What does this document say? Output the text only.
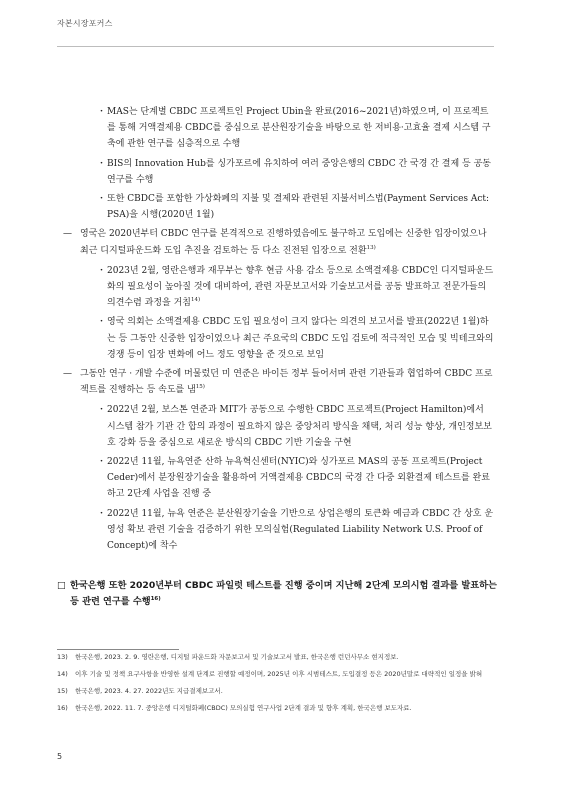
자본시장포커스

・ MAS는 단계별 CBDC 프로젝트인 Project Ubin을 완료(2016~2021년)하였으며, 이 프로젝트를 통해 거액결제용 CBDC를 중심으로 분산원장기술을 바탕으로 한 저비용·고효율 결제 시스템 구축에 관한 연구를 심층적으로 수행

・ BIS의 Innovation Hub를 싱가포르에 유치하여 여러 중앙은행의 CBDC 간 국경 간 결제 등 공동 연구를 수행

・ 또한 CBDC를 포함한 가상화폐의 지불 및 결제와 관련된 지불서비스법(Payment Services Act: PSA)을 시행(2020년 1월)

— 영국은 2020년부터 CBDC 연구를 본격적으로 진행하였음에도 불구하고 도입에는 신중한 입장이었으나 최근 디지털파운드화 도입 추진을 검토하는 등 다소 진전된 입장으로 전환$^{13)}$

・ 2023년 2월, 영란은행과 재무부는 향후 현금 사용 감소 등으로 소액결제용 CBDC인 디지털파운드화의 필요성이 높아질 것에 대비하여, 관련 자문보고서와 기술보고서를 공동 발표하고 전문가들의 의견수렴 과정을 거침$^{14)}$

・ 영국 의회는 소액결제용 CBDC 도입 필요성이 크지 않다는 의견의 보고서를 발표(2022년 1월)하는 등 그동안 신중한 입장이었으나 최근 주요국의 CBDC 도입 검토에 적극적인 모습 및 빅테크와의 경쟁 등이 입장 변화에 어느 정도 영향을 준 것으로 보임

— 그동안 연구 · 개발 수준에 머물렀던 미 연준은 바이든 정부 들어서며 관련 기관들과 협업하여 CBDC 프로젝트를 진행하는 등 속도를 냄$^{15)}$

・ 2022년 2월, 보스톤 연준과 MIT가 공동으로 수행한 CBDC 프로젝트(Project Hamilton)에서 시스템 참가 기관 간 합의 과정이 필요하지 않은 중앙처리 방식을 채택, 처리 성능 향상, 개인정보보호 강화 등을 중심으로 새로운 방식의 CBDC 기반 기술을 구현

・ 2022년 11월, 뉴욕연준 산하 뉴욕혁신센터(NYIC)와 싱가포르 MAS의 공동 프로젝트(Project Ceder)에서 분장원장기술을 활용하여 거액결제용 CBDC의 국경 간 다중 외환결제 테스트를 완료하고 2단계 사업을 진행 중

・ 2022년 11월, 뉴욕 연준은 분산원장기술을 기반으로 상업은행의 토큰화 예금과 CBDC 간 상호 운영성 확보 관련 기술을 검증하기 위한 모의실험(Regulated Liability Network U.S. Proof of Concept)에 착수

□ 한국은행 또한 2020년부터 CBDC 파일럿 테스트를 진행 중이며 지난해 2단계 모의시험 결과를 발표하는 등 관련 연구를 수행$^{16)}$
13) 한국은행, 2023. 2. 9. 영란은행, 디지털 파운드화 자문보고서 및 기술보고서 발표, 한국은행 런던사무소 현지정보.
14) 이후 기술 및 정책 요구사항을 반영한 설계 단계로 진행할 예정이며, 2025년 이후 시범테스트, 도입결정 등은 2020년말로 대략적인 일정을 밝혀
15) 한국은행, 2023. 4. 27. 2022년도 지급결제보고서.
16) 한국은행, 2022. 11. 7. 중앙은행 디지털화폐(CBDC) 모의실험 연구사업 2단계 결과 및 향후 계획, 한국은행 보도자료.
5
